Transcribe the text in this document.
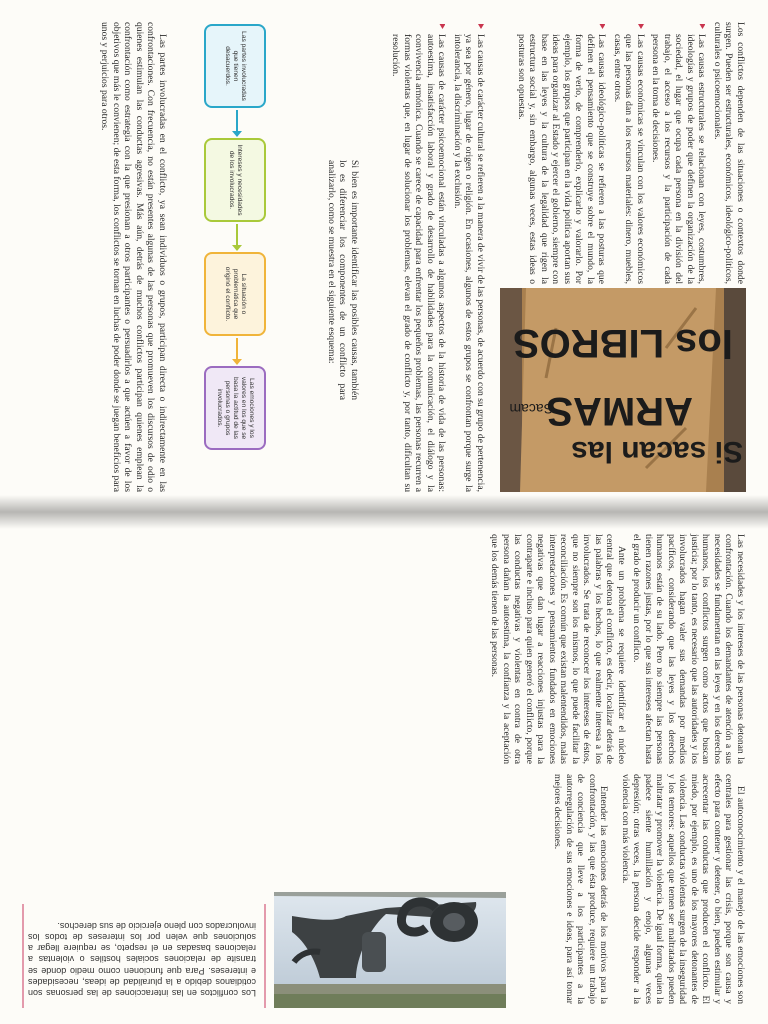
Si sacan las
ARMAS
Sacam
los LIBROS

Los conflictos dependen de las situaciones o contextos donde surgen. Pueden ser estructurales, económicos, ideológico-políticos, culturales o psicoemocionales.

Las causas estructurales se relacionan con leyes, costumbres, ideologías y grupos de poder que definen la organización de la sociedad, el lugar que ocupa cada persona en la división del trabajo, el acceso a los recursos y la participación de cada persona en la toma de decisiones.
Las causas económicas se vinculan con los valores económicos que las personas dan a los recursos materiales: dinero, muebles, casas, entre otros.
Las causas ideológico-políticas se refieren a las posturas que definen el pensamiento que se construye sobre el mundo, la forma de verlo, de comprenderlo, explicarlo y valorarlo. Por ejemplo, los grupos que participan en la vida política aportan sus ideas para organizar al Estado y ejercer el gobierno, siempre con base en las leyes y la cultura de la legalidad que rigen la estructura social y, sin embargo, algunas veces, estas ideas o posturas son opuestas.
Las causas de carácter cultural se refieren a la manera de vivir de las personas, de acuerdo con su grupo de pertenencia, ya sea por género, lugar de origen o religión. En ocasiones, algunos de estos grupos se confrontan porque surge la intolerancia, la discriminación y la exclusión.
Las causas de carácter psicoemocional están vinculadas a algunos aspectos de la historia de vida de las personas: autoestima, insatisfacción laboral y grado de desarrollo de habilidades para la comunicación, el diálogo y la convivencia armónica. Cuando se carece de capacidad para enfrentar los pequeños problemas, las personas recurren a formas violentas que, en lugar de solucionar los problemas, elevan el grado de conflicto y, por tanto, dificultan su resolución.

Si bien es importante identificar las posibles causas, también lo es diferenciar los componentes de un conflicto para analizarlo, como se muestra en el siguiente esquema:

Las partes involucradas que tienen desacuerdos.
Intereses y necesidades de los involucrados.
La situación o problemática que originó el conflicto.
Las emociones y los valores en los que se basa la actitud de las personas o grupos involucrados.

Las partes involucradas en el conflicto, ya sean individuos o grupos, participan directa o indirectamente en las confrontaciones. Con frecuencia, no están presentes algunas de las personas que promueven los discursos de odio o quienes estimulan las conductas agresivas. Más aún, detrás de muchos conflictos participan quienes emplean la confrontación como estrategia con la que presionan a otros participantes o persuadirlos a que actúen a favor de los objetivos que más le convienen; de esta forma, los conflictos se tornan en luchas de poder donde se juegan beneficios para unos y perjuicios para otros.

Las necesidades y los intereses de las personas detonan la confrontación. Cuando los demandantes de atención a sus necesidades se fundamentan en las leyes y en los derechos humanos, los conflictos surgen como actos que buscan justicia; por lo tanto, es necesario que las autoridades y los involucrados hagan valer sus demandas por medios pacíficos, considerando que las leyes y los derechos humanos están de su lado. Pero no siempre las personas tienen razones justas, por lo que sus intereses afectan hasta el grado de producir un conflicto.

Ante un problema se requiere identificar el núcleo central que detona el conflicto, es decir, localizar detrás de las palabras y los hechos, lo que realmente interesa a los involucrados. Se trata de reconocer los intereses de éstos, que no siempre son los mismos, lo que puede facilitar la reconciliación. Es común que existan malentendidos, malas interpretaciones y pensamientos fundados en emociones negativas que dan lugar a reacciones injustas para la contraparte e incluso para quien generó el conflicto, porque las conductas negativas y violentas en contra de otra persona dañan la autoestima, la confianza y la aceptación que los demás tienen de las personas.

El autoconocimiento y el manejo de las emociones son centrales para gestionar las crisis, porque son causa y efecto para contener y detener, o bien, pueden estimular y acrecentar las conductas que producen el conflicto. El miedo, por ejemplo, es uno de los mayores detonantes de violencia. Las conductas violentas surgen de la inseguridad y los temores: aquellos que temen ser maltratados pueden maltratar y promover la violencia. De igual forma, quien la padece siente humillación y enojo, algunas veces depresión; otras veces, la persona decide responder a la violencia con más violencia.

Entender las emociones detrás de los motivos para la confrontación, y las que ésta produce, requiere un trabajo de conciencia que lleve a los participantes a la autorregulación de sus emociones e ideas, para así tomar mejores decisiones.

Los conflictos en las interacciones de las personas son cotidianos debido a la pluralidad de ideas, necesidades e intereses. Para que funcionen como medio donde se transite de relaciones sociales hostiles o violentas a relaciones basadas en el respeto, se requiere llegar a soluciones que velen por los intereses de todos los involucrados con pleno ejercicio de sus derechos.
